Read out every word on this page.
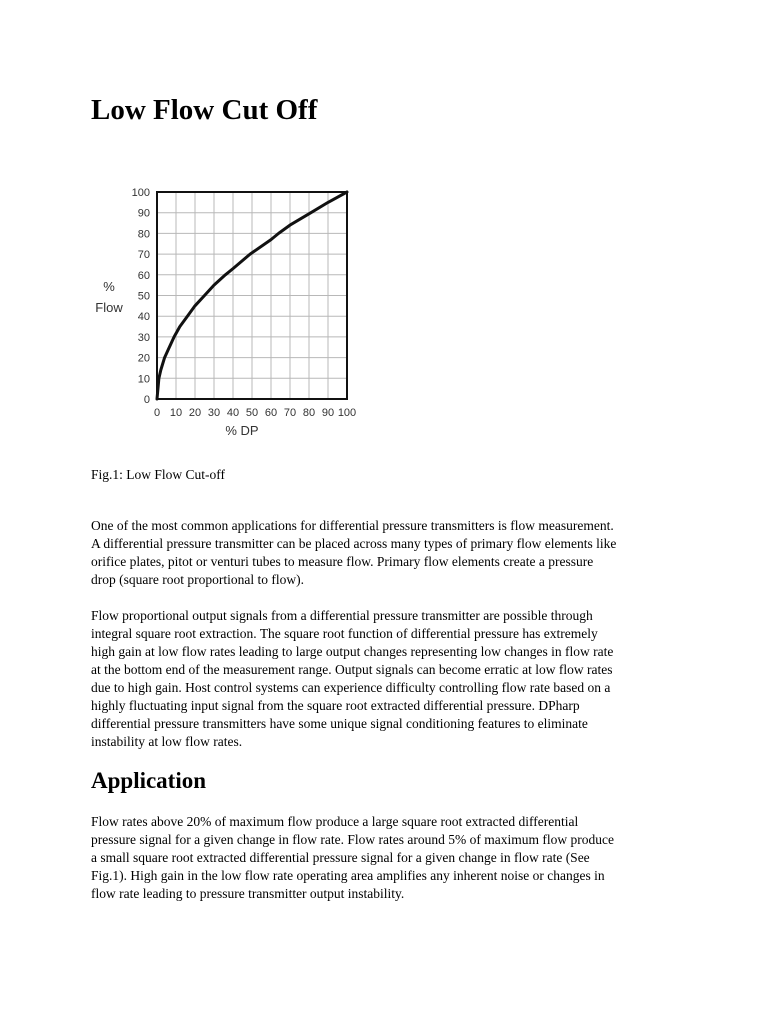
Low Flow Cut Off
0 10 20 30 40 50 60 70 80 90 100
0
10
20
30
40
50
60
70
80
90
100
% DP
%
Flow

Fig.1: Low Flow Cut-off

One of the most common applications for differential pressure transmitters is flow measurement.
A differential pressure transmitter can be placed across many types of primary flow elements like
orifice plates, pitot or venturi tubes to measure flow. Primary flow elements create a pressure
drop (square root proportional to flow).
Flow proportional output signals from a differential pressure transmitter are possible through
integral square root extraction. The square root function of differential pressure has extremely
high gain at low flow rates leading to large output changes representing low changes in flow rate
at the bottom end of the measurement range. Output signals can become erratic at low flow rates
due to high gain. Host control systems can experience difficulty controlling flow rate based on a
highly fluctuating input signal from the square root extracted differential pressure. DPharp
differential pressure transmitters have some unique signal conditioning features to eliminate
instability at low flow rates.
Application
Flow rates above 20% of maximum flow produce a large square root extracted differential
pressure signal for a given change in flow rate. Flow rates around 5% of maximum flow produce
a small square root extracted differential pressure signal for a given change in flow rate (See
Fig.1). High gain in the low flow rate operating area amplifies any inherent noise or changes in
flow rate leading to pressure transmitter output instability.
